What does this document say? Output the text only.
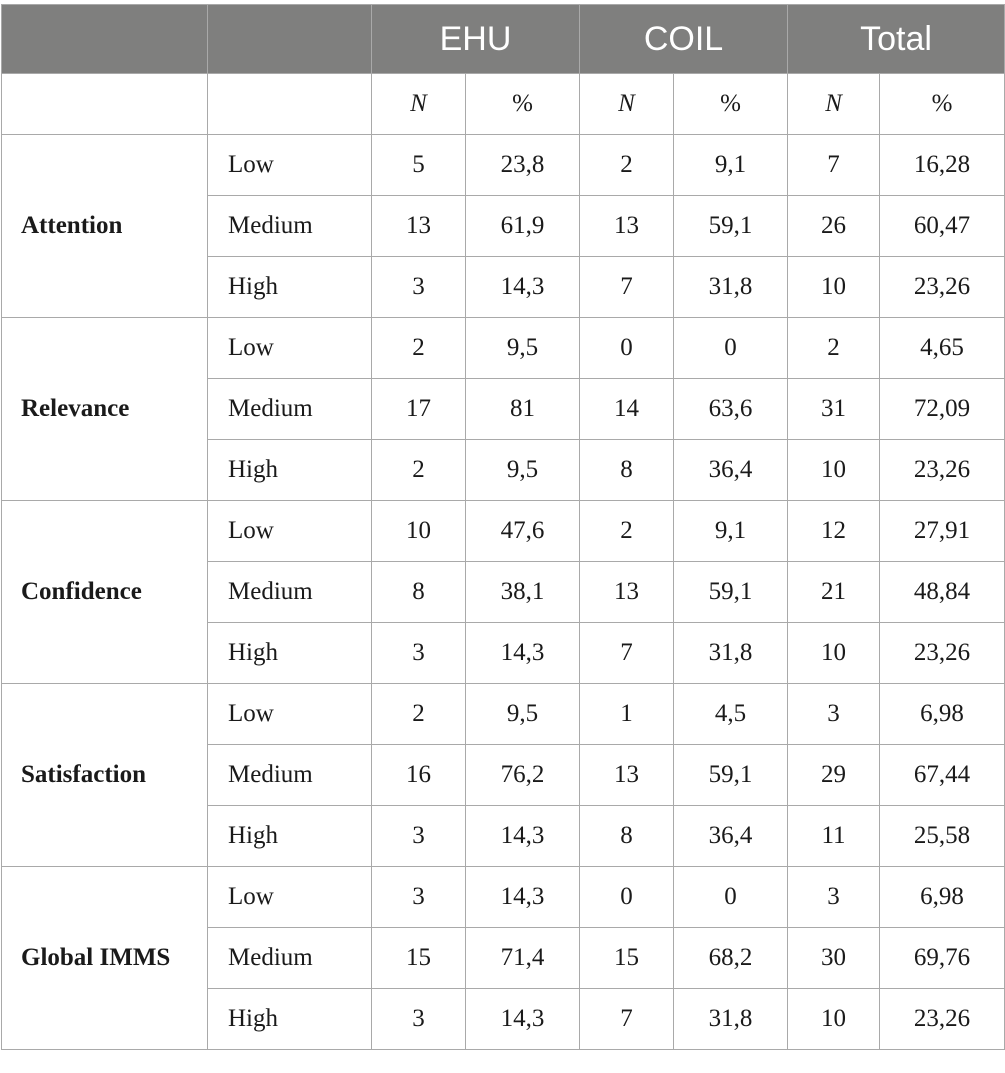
		EHU		COIL		Total	
		N	%	N	%	N	%
Attention	Low	5	23,8	2	9,1	7	16,28
	Medium	13	61,9	13	59,1	26	60,47
	High	3	14,3	7	31,8	10	23,26
Relevance	Low	2	9,5	0	0	2	4,65
	Medium	17	81	14	63,6	31	72,09
	High	2	9,5	8	36,4	10	23,26
Confidence	Low	10	47,6	2	9,1	12	27,91
	Medium	8	38,1	13	59,1	21	48,84
	High	3	14,3	7	31,8	10	23,26
Satisfaction	Low	2	9,5	1	4,5	3	6,98
	Medium	16	76,2	13	59,1	29	67,44
	High	3	14,3	8	36,4	11	25,58
Global IMMS	Low	3	14,3	0	0	3	6,98
	Medium	15	71,4	15	68,2	30	69,76
	High	3	14,3	7	31,8	10	23,26
